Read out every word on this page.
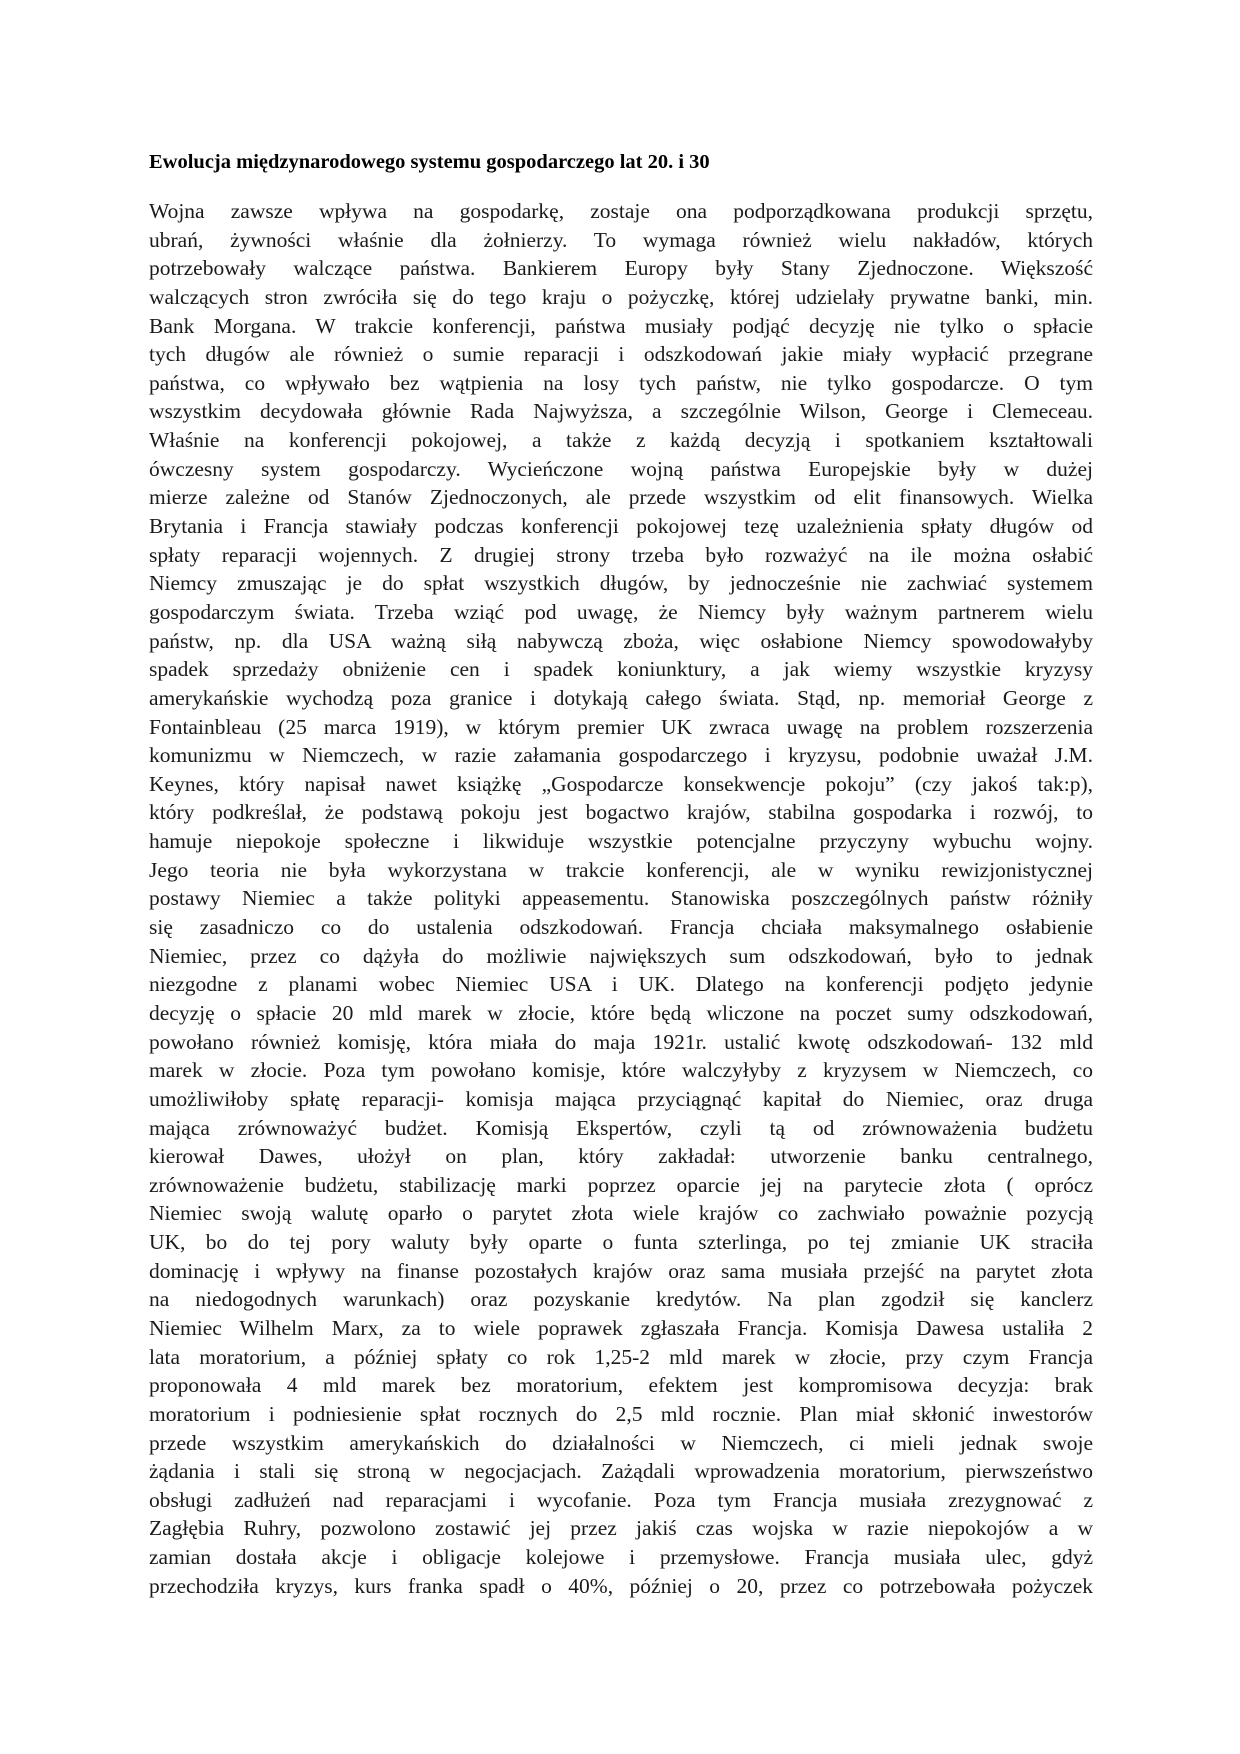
Ewolucja międzynarodowego systemu gospodarczego lat 20. i 30
Wojna zawsze wpływa na gospodarkę, zostaje ona podporządkowana produkcji sprzętu,
ubrań, żywności właśnie dla żołnierzy. To wymaga również wielu nakładów, których
potrzebowały walczące państwa. Bankierem Europy były Stany Zjednoczone. Większość
walczących stron zwróciła się do tego kraju o pożyczkę, której udzielały prywatne banki, min.
Bank Morgana. W trakcie konferencji, państwa musiały podjąć decyzję nie tylko o spłacie
tych długów ale również o sumie reparacji i odszkodowań jakie miały wypłacić przegrane
państwa, co wpływało bez wątpienia na losy tych państw, nie tylko gospodarcze. O tym
wszystkim decydowała głównie Rada Najwyższa, a szczególnie Wilson, George i Clemeceau.
Właśnie na konferencji pokojowej, a także z każdą decyzją i spotkaniem kształtowali
ówczesny system gospodarczy. Wycieńczone wojną państwa Europejskie były w dużej
mierze zależne od Stanów Zjednoczonych, ale przede wszystkim od elit finansowych. Wielka
Brytania i Francja stawiały podczas konferencji pokojowej tezę uzależnienia spłaty długów od
spłaty reparacji wojennych. Z drugiej strony trzeba było rozważyć na ile można osłabić
Niemcy zmuszając je do spłat wszystkich długów, by jednocześnie nie zachwiać systemem
gospodarczym świata. Trzeba wziąć pod uwagę, że Niemcy były ważnym partnerem wielu
państw, np. dla USA ważną siłą nabywczą zboża, więc osłabione Niemcy spowodowałyby
spadek sprzedaży obniżenie cen i spadek koniunktury, a jak wiemy wszystkie kryzysy
amerykańskie wychodzą poza granice i dotykają całego świata. Stąd, np. memoriał George z
Fontainbleau (25 marca 1919), w którym premier UK zwraca uwagę na problem rozszerzenia
komunizmu w Niemczech, w razie załamania gospodarczego i kryzysu, podobnie uważał J.M.
Keynes, który napisał nawet książkę „Gospodarcze konsekwencje pokoju” (czy jakoś tak:p),
który podkreślał, że podstawą pokoju jest bogactwo krajów, stabilna gospodarka i rozwój, to
hamuje niepokoje społeczne i likwiduje wszystkie potencjalne przyczyny wybuchu wojny.
Jego teoria nie była wykorzystana w trakcie konferencji, ale w wyniku rewizjonistycznej
postawy Niemiec a także polityki appeasementu. Stanowiska poszczególnych państw różniły
się zasadniczo co do ustalenia odszkodowań. Francja chciała maksymalnego osłabienie
Niemiec, przez co dążyła do możliwie największych sum odszkodowań, było to jednak
niezgodne z planami wobec Niemiec USA i UK. Dlatego na konferencji podjęto jedynie
decyzję o spłacie 20 mld marek w złocie, które będą wliczone na poczet sumy odszkodowań,
powołano również komisję, która miała do maja 1921r. ustalić kwotę odszkodowań- 132 mld
marek w złocie. Poza tym powołano komisje, które walczyłyby z kryzysem w Niemczech, co
umożliwiłoby spłatę reparacji- komisja mająca przyciągnąć kapitał do Niemiec, oraz druga
mająca zrównoważyć budżet. Komisją Ekspertów, czyli tą od zrównoważenia budżetu
kierował Dawes, ułożył on plan, który zakładał: utworzenie banku centralnego,
zrównoważenie budżetu, stabilizację marki poprzez oparcie jej na parytecie złota ( oprócz
Niemiec swoją walutę oparło o parytet złota wiele krajów co zachwiało poważnie pozycją
UK, bo do tej pory waluty były oparte o funta szterlinga, po tej zmianie UK straciła
dominację i wpływy na finanse pozostałych krajów oraz sama musiała przejść na parytet złota
na niedogodnych warunkach) oraz pozyskanie kredytów. Na plan zgodził się kanclerz
Niemiec Wilhelm Marx, za to wiele poprawek zgłaszała Francja. Komisja Dawesa ustaliła 2
lata moratorium, a później spłaty co rok 1,25-2 mld marek w złocie, przy czym Francja
proponowała 4 mld marek bez moratorium, efektem jest kompromisowa decyzja: brak
moratorium i podniesienie spłat rocznych do 2,5 mld rocznie. Plan miał skłonić inwestorów
przede wszystkim amerykańskich do działalności w Niemczech, ci mieli jednak swoje
żądania i stali się stroną w negocjacjach. Zażądali wprowadzenia moratorium, pierwszeństwo
obsługi zadłużeń nad reparacjami i wycofanie. Poza tym Francja musiała zrezygnować z
Zagłębia Ruhry, pozwolono zostawić jej przez jakiś czas wojska w razie niepokojów a w
zamian dostała akcje i obligacje kolejowe i przemysłowe. Francja musiała ulec, gdyż
przechodziła kryzys, kurs franka spadł o 40%, później o 20, przez co potrzebowała pożyczek
